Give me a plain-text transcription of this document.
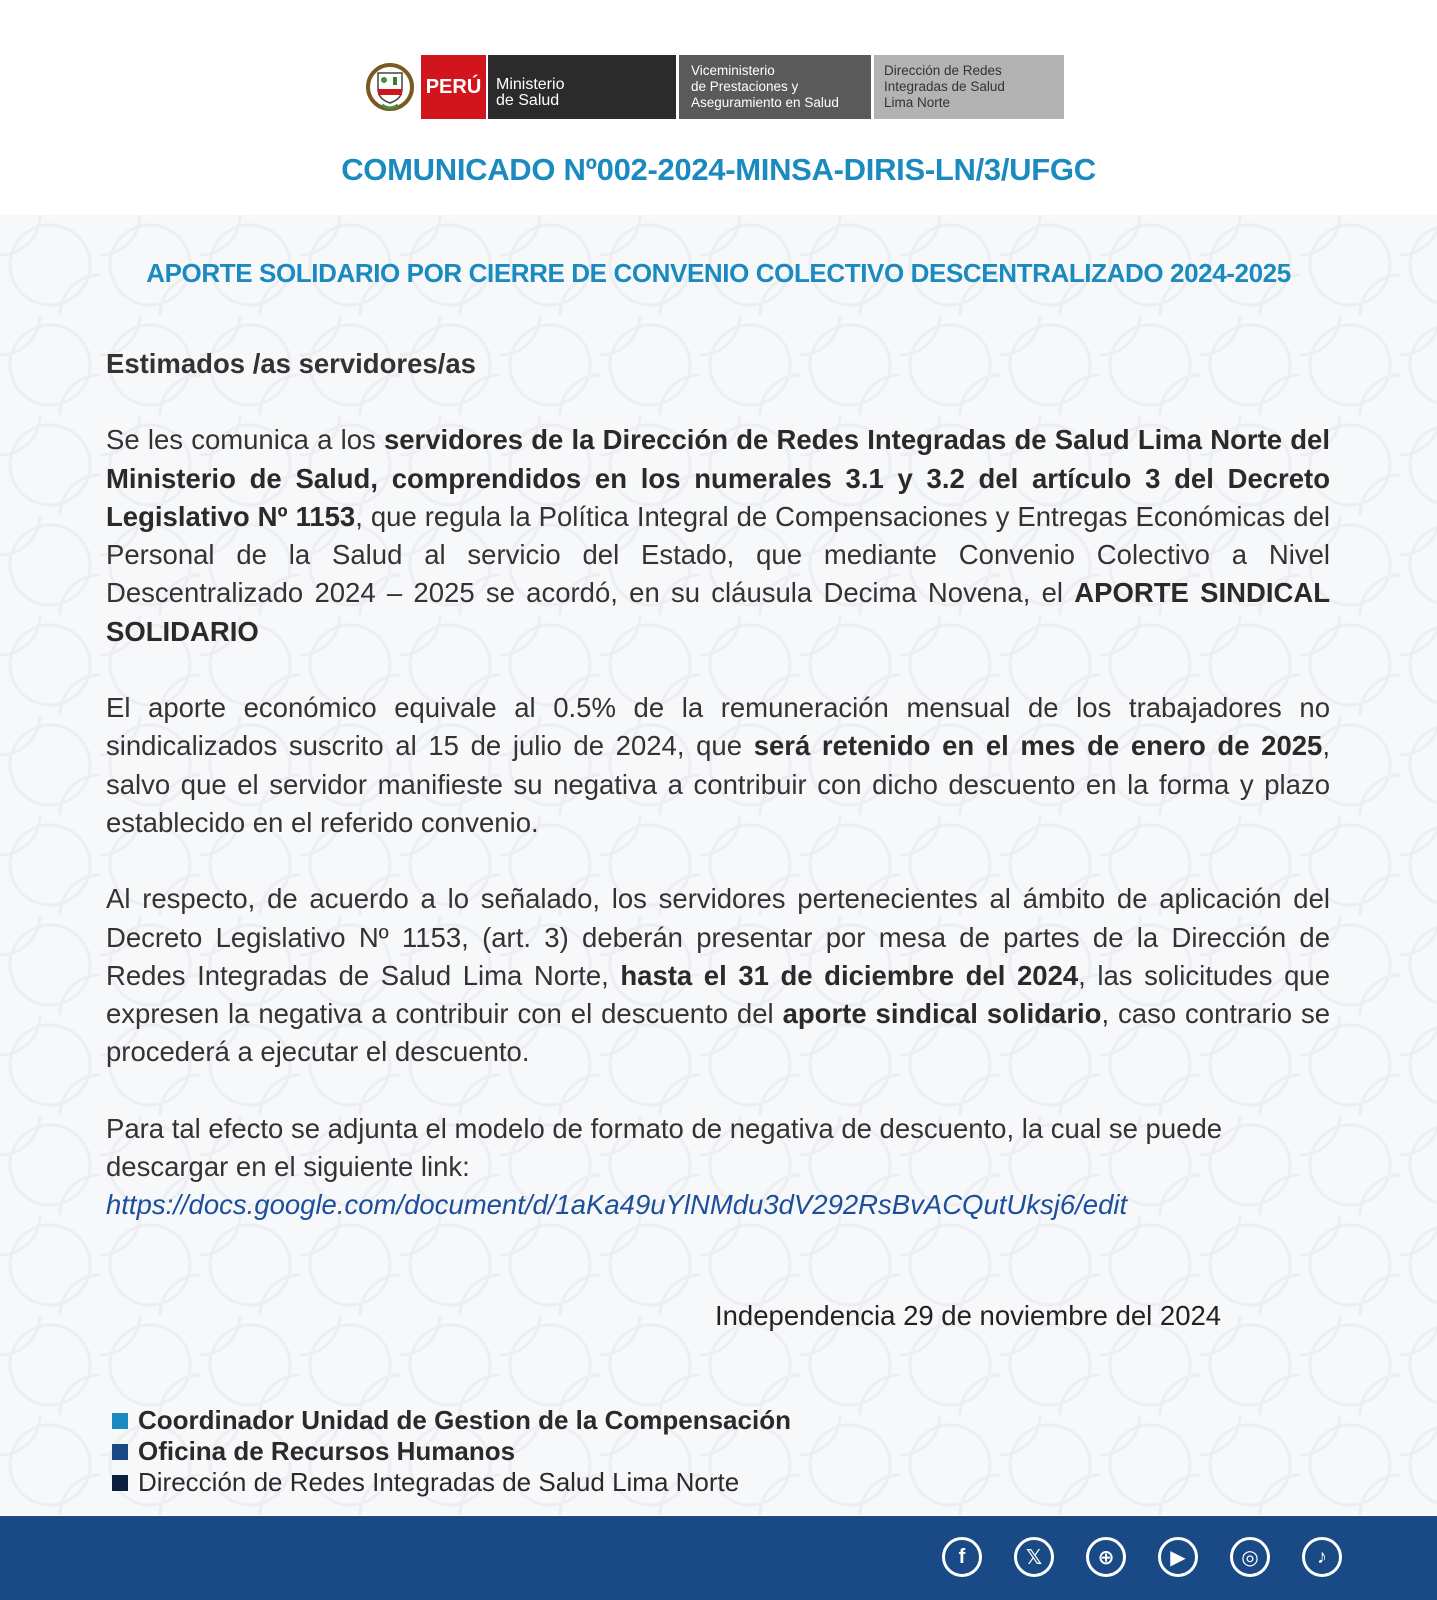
PERÚ Ministerio
de Salud
Viceministerio
de Prestaciones y
Aseguramiento en Salud
Dirección de Redes
Integradas de Salud
Lima Norte
COMUNICADO Nº002-2024-MINSA-DIRIS-LN/3/UFGC
APORTE SOLIDARIO POR CIERRE DE CONVENIO COLECTIVO DESCENTRALIZADO 2024-2025

Estimados /as servidores/as

Se les comunica a los servidores de la Dirección de Redes Integradas de Salud Lima Norte del Ministerio de Salud, comprendidos en los numerales 3.1 y 3.2 del artículo 3 del Decreto Legislativo Nº 1153, que regula la Política Integral de Compensaciones y Entregas Económicas del Personal de la Salud al servicio del Estado, que mediante Convenio Colectivo a Nivel Descentralizado 2024 – 2025 se acordó, en su cláusula Decima Novena, el APORTE SINDICAL SOLIDARIO

El aporte económico equivale al 0.5% de la remuneración mensual de los trabajadores no sindicalizados suscrito al 15 de julio de 2024, que será retenido en el mes de enero de 2025, salvo que el servidor manifieste su negativa a contribuir con dicho descuento en la forma y plazo establecido en el referido convenio.

Al respecto, de acuerdo a lo señalado, los servidores pertenecientes al ámbito de aplicación del Decreto Legislativo Nº 1153, (art. 3) deberán presentar por mesa de partes de la Dirección de Redes Integradas de Salud Lima Norte, hasta el 31 de diciembre del 2024, las solicitudes que expresen la negativa a contribuir con el descuento del aporte sindical solidario, caso contrario se procederá a ejecutar el descuento.

Para tal efecto se adjunta el modelo de formato de negativa de descuento, la cual se puede descargar en el siguiente link:
https://docs.google.com/document/d/1aKa49uYlNMdu3dV292RsBvACQutUksj6/edit

Independencia 29 de noviembre del 2024
Coordinador Unidad de Gestion de la Compensación
Oficina de Recursos Humanos
Dirección de Redes Integradas de Salud Lima Norte
f	𝕏	⊕	▶	◎	♪
